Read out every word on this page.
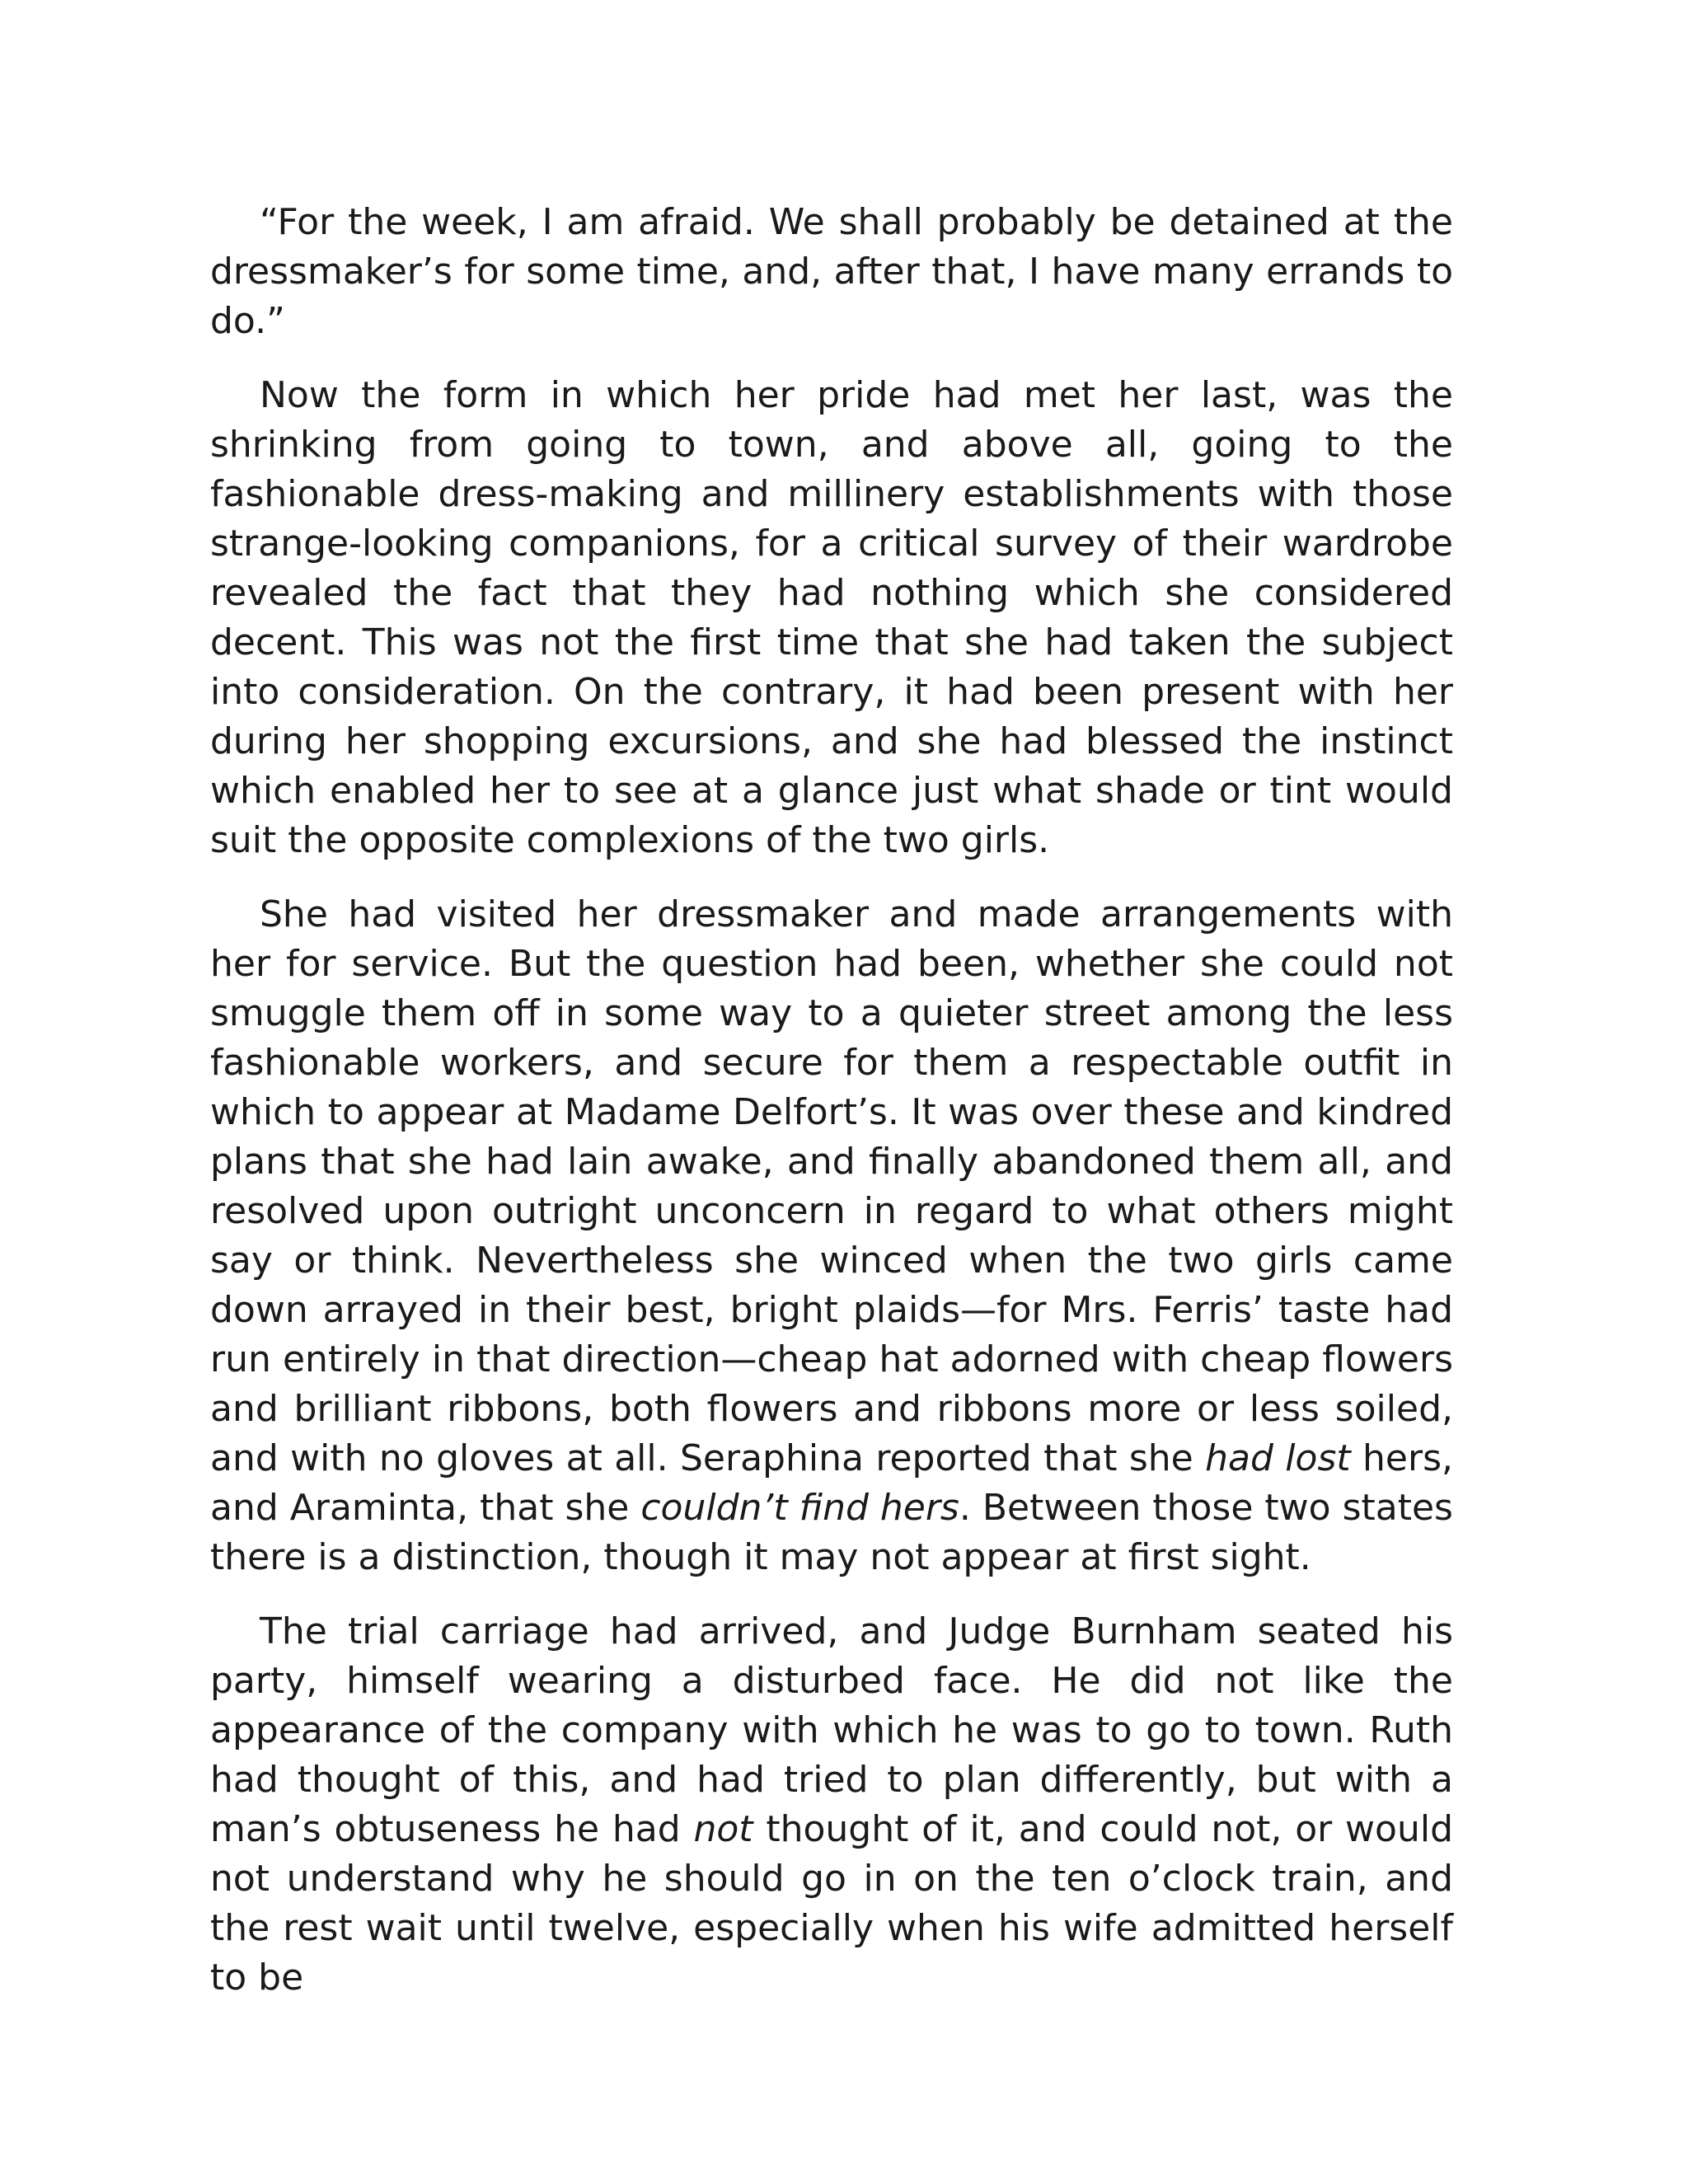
“For the week, I am afraid. We shall probably be detained at the dressmaker’s for some time, and, after that, I have many errands to do.”

Now the form in which her pride had met her last, was the shrinking from going to town, and above all, going to the fashionable dress-making and millinery establishments with those strange-looking companions, for a critical survey of their wardrobe revealed the fact that they had nothing which she considered decent. This was not the first time that she had taken the subject into consideration. On the contrary, it had been present with her during her shopping excursions, and she had blessed the instinct which enabled her to see at a glance just what shade or tint would suit the opposite complexions of the two girls.

She had visited her dressmaker and made arrangements with her for service. But the question had been, whether she could not smuggle them off in some way to a quieter street among the less fashionable workers, and secure for them a respectable outfit in which to appear at Madame Delfort’s. It was over these and kindred plans that she had lain awake, and finally abandoned them all, and resolved upon outright unconcern in regard to what others might say or think. Nevertheless she winced when the two girls came down arrayed in their best, bright plaids—for Mrs. Ferris’ taste had run entirely in that direction—cheap hat adorned with cheap flowers and brilliant ribbons, both flowers and ribbons more or less soiled, and with no gloves at all. Seraphina reported that she had lost hers, and Araminta, that she couldn’t find hers. Between those two states there is a distinction, though it may not appear at first sight.

The trial carriage had arrived, and Judge Burnham seated his party, himself wearing a disturbed face. He did not like the appearance of the company with which he was to go to town. Ruth had thought of this, and had tried to plan differently, but with a man’s obtuseness he had not thought of it, and could not, or would not understand why he should go in on the ten o’clock train, and the rest wait until twelve, especially when his wife admitted herself to be
